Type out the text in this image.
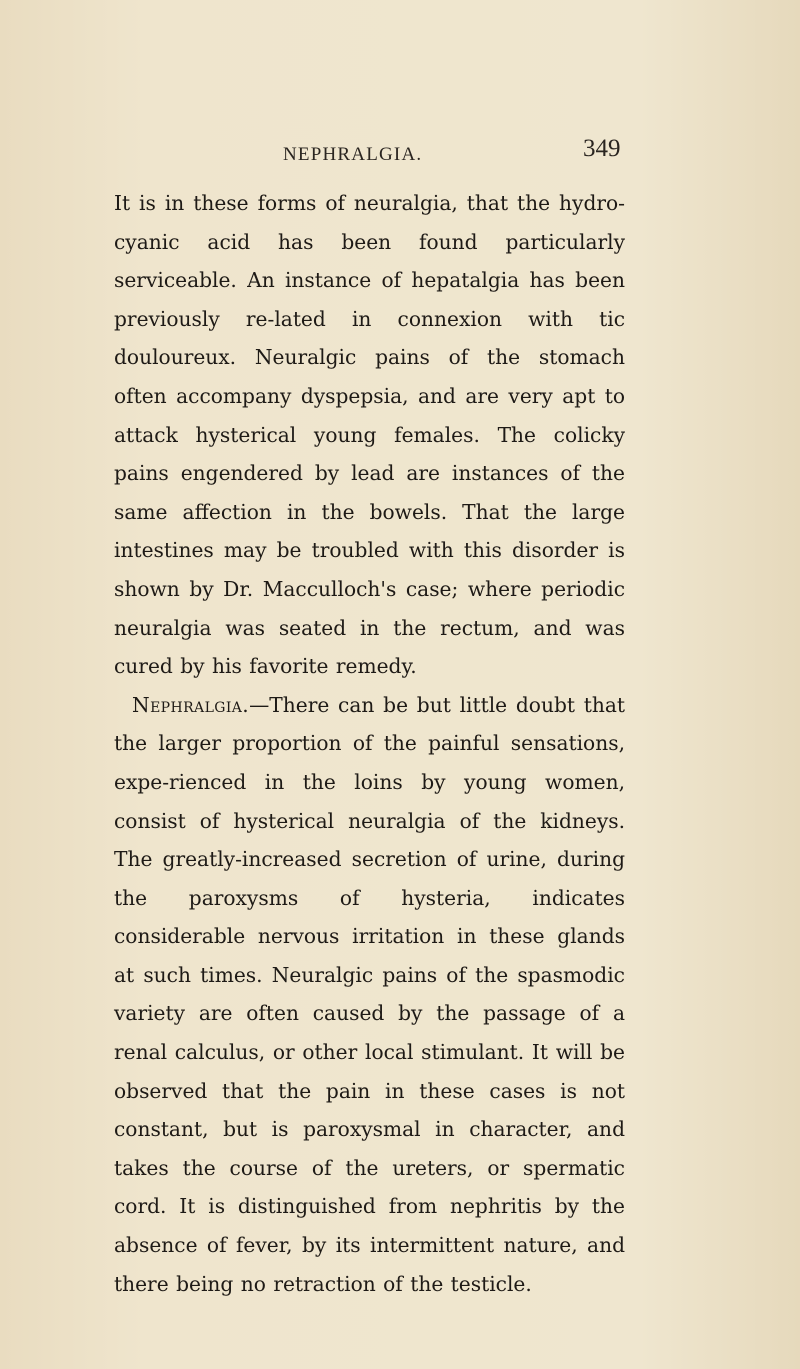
NEPHRALGIA.	349

It is in these forms of neuralgia, that the hydro-cyanic acid has been found particularly serviceable. An instance of hepatalgia has been previously re-lated in connexion with tic douloureux. Neuralgic pains of the stomach often accompany dyspepsia, and are very apt to attack hysterical young females. The colicky pains engendered by lead are instances of the same affection in the bowels. That the large intestines may be troubled with this disorder is shown by Dr. Macculloch's case; where periodic neuralgia was seated in the rectum, and was cured by his favorite remedy.

Nephralgia.—There can be but little doubt that the larger proportion of the painful sensations, expe-rienced in the loins by young women, consist of hysterical neuralgia of the kidneys. The greatly-increased secretion of urine, during the paroxysms of hysteria, indicates considerable nervous irritation in these glands at such times. Neuralgic pains of the spasmodic variety are often caused by the passage of a renal calculus, or other local stimulant. It will be observed that the pain in these cases is not constant, but is paroxysmal in character, and takes the course of the ureters, or spermatic cord. It is distinguished from nephritis by the absence of fever, by its intermittent nature, and there being no retraction of the testicle.
